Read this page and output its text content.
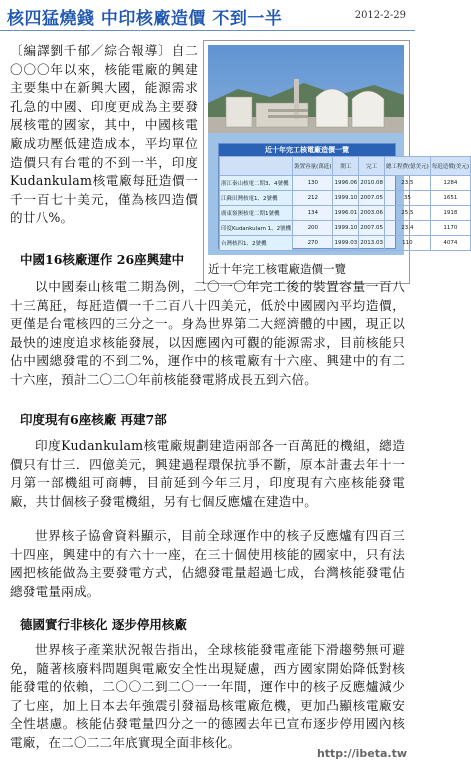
核四猛燒錢 中印核廠造價 不到一半	2012-2-29
〔編譯劉千郁／綜合報導〕自二〇〇〇年以來，核能電廠的興建主要集中在新興大國，能源需求孔急的中國、印度更成為主要發展核電的國家，其中，中國核電廠成功壓低建造成本，平均單位造價只有台電的不到一半，印度Kudankulam核電廠每瓩造價一千一百七十美元，僅為核四造價的廿八%。
近十年完工核電廠造價一覽
	裝置容量(萬瓩)	開工	完工	總工程費(億美元)	每瓩造價(美元)
浙江秦山核電二期3、4號機	130	1996.06	2010.08	23.5	1284
江蘇田灣核電1、2號機	212	1999.10	2007.05	35	1651
廣東嶺澳核電二期1號機	134	1996.01	2003.06	25.5	1918
印度Kudankulam 1、2號機	200	1999.10	2007.05	23.4	1170
台灣核四1、2號機	270	1999.03	2013.03	110	4074
近十年完工核電廠造價一覽
中國16核廠運作 26座興建中
以中國秦山核電二期為例，二〇一〇年完工後的裝置容量一百八十三萬瓩，每瓩造價一千二百八十四美元，低於中國國內平均造價，更僅是台電核四的三分之一。身為世界第二大經濟體的中國，現正以最快的速度追求核能發展，以因應國內可觀的能源需求，目前核能只佔中國總發電的不到二%，運作中的核電廠有十六座、興建中的有二十六座，預計二〇二〇年前核能發電將成長五到六倍。
印度現有6座核廠 再建7部
印度Kudankulam核電廠規劃建造兩部各一百萬瓩的機組，總造價只有廿三．四億美元，興建過程環保抗爭不斷，原本計畫去年十一月第一部機組可商轉，目前延到今年三月，印度現有六座核能發電廠，共廿個核子發電機組，另有七個反應爐在建造中。
世界核子協會資料顯示，目前全球運作中的核子反應爐有四百三十四座，興建中的有六十一座，在三十個使用核能的國家中，只有法國把核能做為主要發電方式，佔總發電量超過七成，台灣核能發電佔總發電量兩成。
德國實行非核化 逐步停用核廠
世界核子產業狀況報告指出，全球核能發電產能下滑趨勢無可避免，隨著核廢料問題與電廠安全性出現疑慮，西方國家開始降低對核能發電的依賴，二〇〇二到二〇一一年間，運作中的核子反應爐減少了七座，加上日本去年強震引發福島核電廠危機，更加凸顯核電廠安全性堪慮。核能佔發電量四分之一的德國去年已宣布逐步停用國內核電廠，在二〇二二年底實現全面非核化。
http://ibeta.tw
